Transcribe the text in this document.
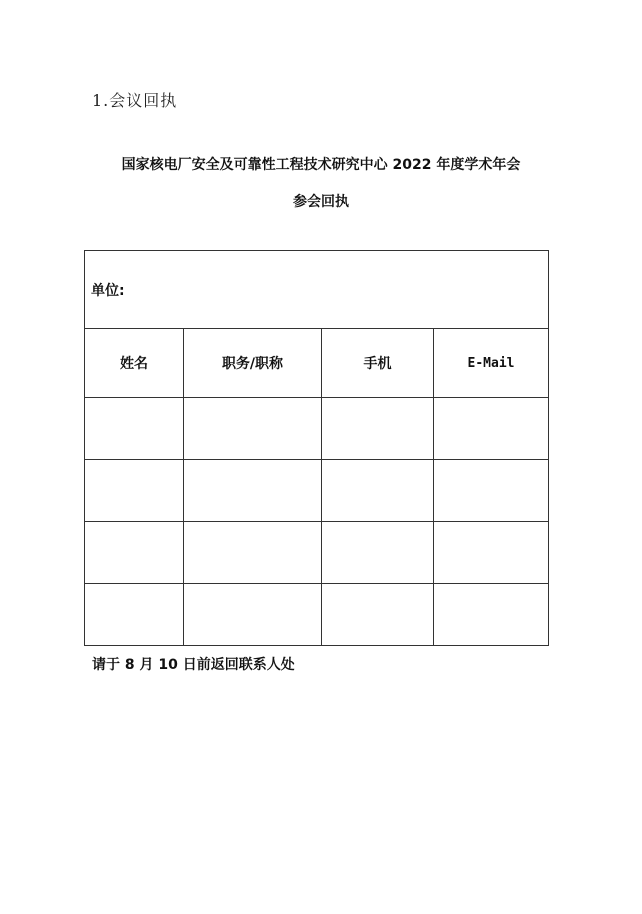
1.会议回执
国家核电厂安全及可靠性工程技术研究中心 2022 年度学术年会
参会回执
单位:			
姓名	职务/职称	手机	E-Mail

请于 8 月 10 日前返回联系人处
